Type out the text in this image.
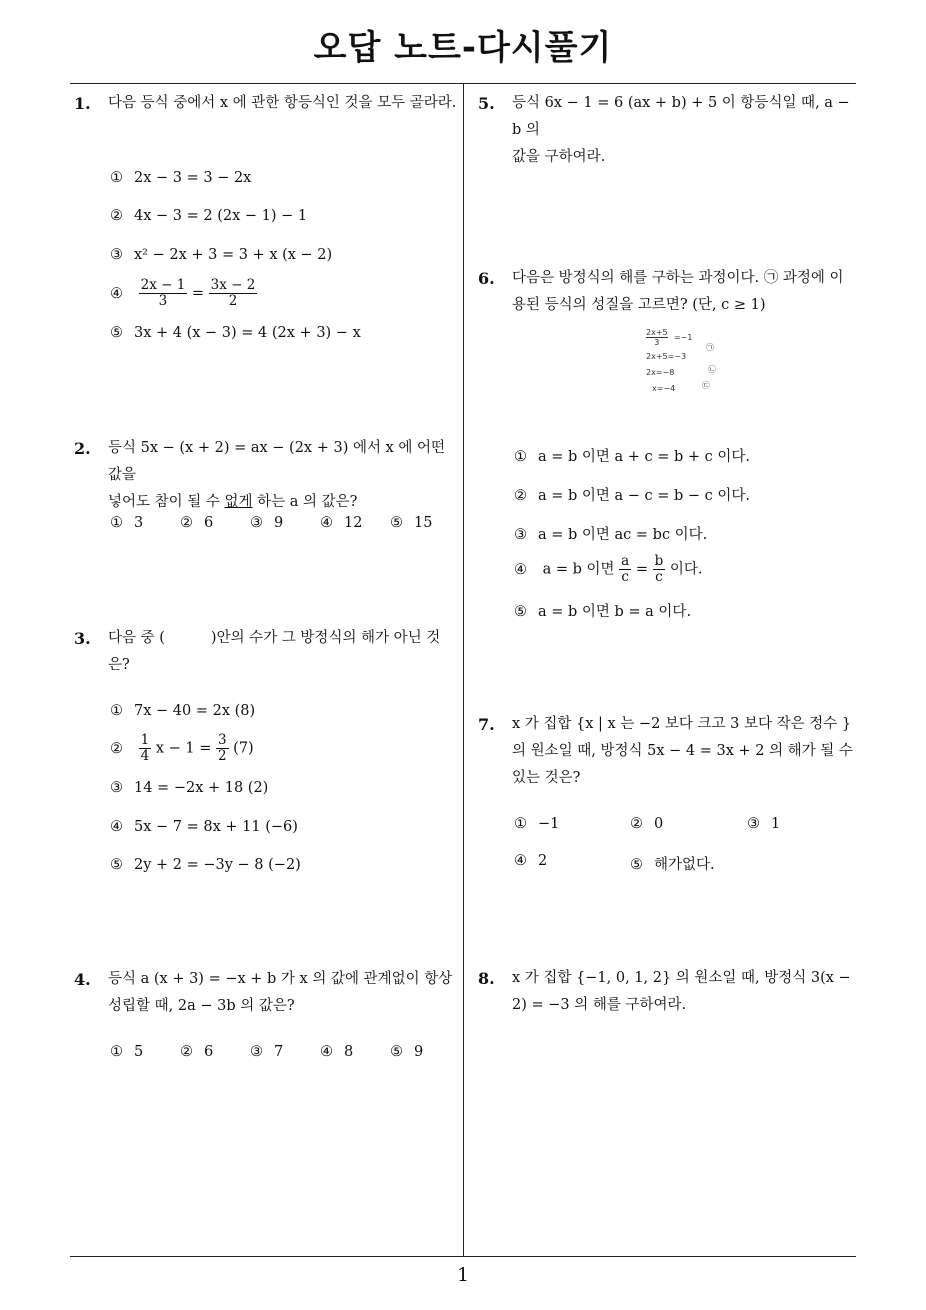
오답 노트-다시풀기
1
1. 다음 등식 중에서 x 에 관한 항등식인 것을 모두 골라라.
① 2x − 3 = 3 − 2x
② 4x − 3 = 2 (2x − 1) − 1
③ x² − 2x + 3 = 3 + x (x − 2)
④ $\frac{2x - 1}{3} = \frac{3x - 2}{2}$
⑤ 3x + 4 (x − 3) = 4 (2x + 3) − x
2. 등식 5x − (x + 2) = ax − (2x + 3) 에서 x 에 어떤 값을
넣어도 참이 될 수 없게 하는 a 의 값은?
① 3	② 6	③ 9	④ 12 ⑤ 15
3. 다음 중 (	)안의 수가 그 방정식의 해가 아닌 것
은?
① 7x − 40 = 2x (8)
② $\frac{1}{4}$ $x - 1 = \frac{3}{2} (7)$
③ 14 = −2x + 18 (2)
④ 5x − 7 = 8x + 11 (−6)
⑤ 2y + 2 = −3y − 8 (−2)
4. 등식 a (x + 3) = −x + b 가 x 의 값에 관계없이 항상
성립할 때, 2a − 3b 의 값은?
① 5	② 6	③ 7	④ 8	⑤ 9
5. 등식 6x − 1 = 6 (ax + b) + 5 이 항등식일 때, a − b 의
값을 구하여라.
6. 다음은 방정식의 해를 구하는 과정이다. ㉠ 과정에 이
용된 등식의 성질을 고르면? (단, c ≥ 1)
2x+5
3
=−1
2x+5=−3
2x=−8
x=−4
㉠
㉡
㉢
① a = b 이면 a + c = b + c 이다.
② a = b 이면 a − c = b − c 이다.
③ a = b 이면 ac = bc 이다.
④ a = b 이면 $\frac{a}{c} = \frac{b}{c}$ 이다.
⑤ a = b 이면 b = a 이다.
7. x 가 집합 {x | x 는 −2 보다 크고 3 보다 작은 정수 }
의 원소일 때, 방정식 5x − 4 = 3x + 2 의 해가 될 수
있는 것은?
① −1	② 0	③ 1
④ 2	⑤ 해가없다.
8. x 가 집합 {−1, 0, 1, 2} 의 원소일 때, 방정식 3(x −
2) = −3 의 해를 구하여라.
